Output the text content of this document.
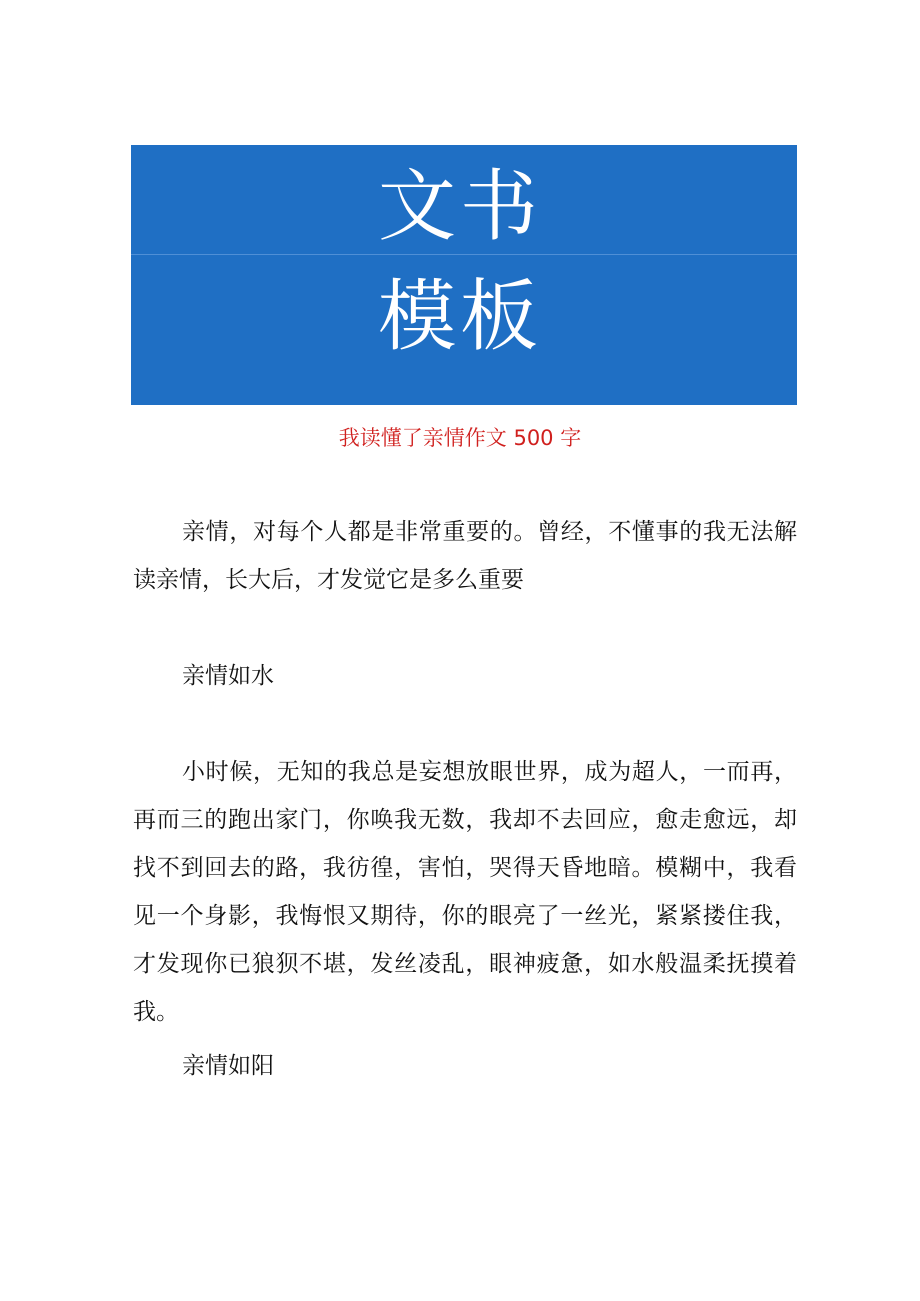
文书
模板
我读懂了亲情作文 500 字

亲情，对每个人都是非常重要的。曾经，不懂事的我无法解读亲情，长大后，才发觉它是多么重要

亲情如水

小时候，无知的我总是妄想放眼世界，成为超人，一而再，再而三的跑出家门，你唤我无数，我却不去回应，愈走愈远，却找不到回去的路，我彷徨，害怕，哭得天昏地暗。模糊中，我看见一个身影，我悔恨又期待，你的眼亮了一丝光，紧紧搂住我，才发现你已狼狈不堪，发丝凌乱，眼神疲惫，如水般温柔抚摸着我。

亲情如阳
